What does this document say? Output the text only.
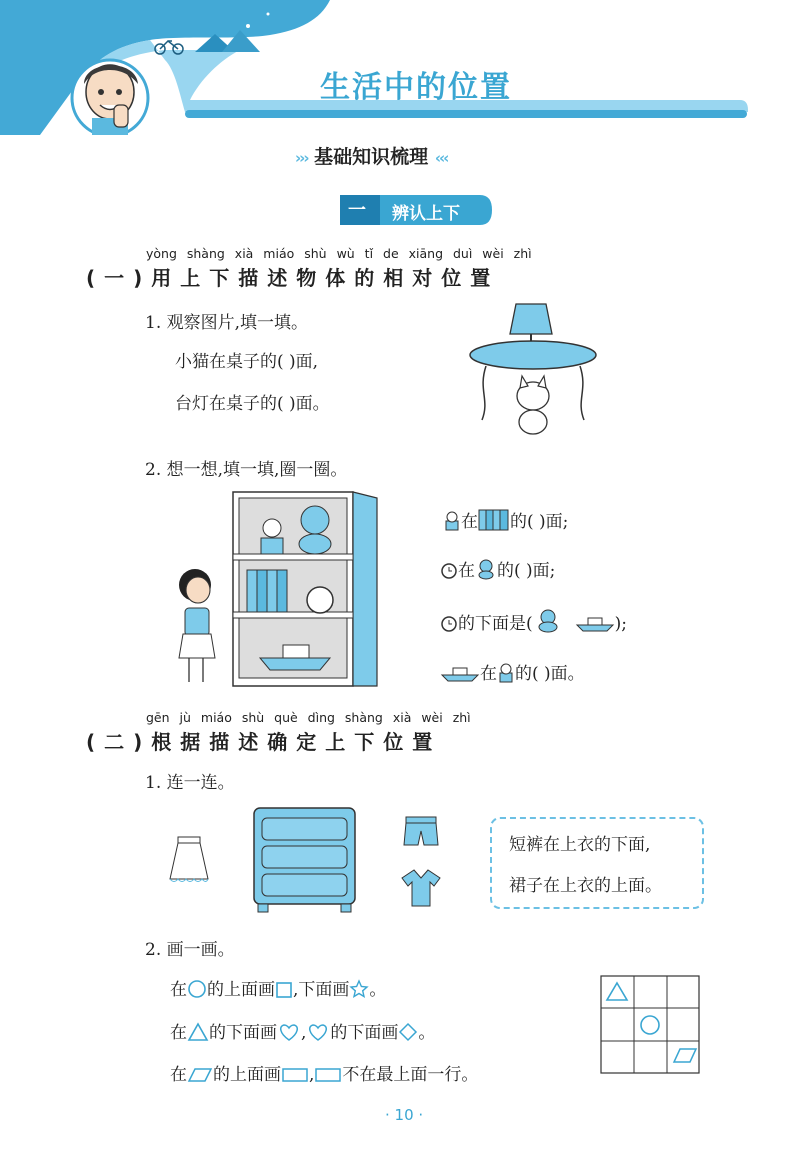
生活中的位置
››› 基础知识梳理 ‹‹‹
一 辨认上下
yòng shàng xià miáo shù wù tǐ de xiāng duì wèi zhì
(一)用上下描述物体的相对位置
1. 观察图片,填一填。
小猫在桌子的( )面,
台灯在桌子的( )面。
2. 想一想,填一填,圈一圈。
在 的( )面;
在 的( )面;
的下面是(	);
在 的( )面。
gēn jù miáo shù què dìng shàng xià wèi zhì
(二)根据描述确定上下位置
1. 连一连。
短裤在上衣的下面,
裙子在上衣的上面。
2. 画一画。
在 的上面画 ,下面画 。
在 的下面画 , 的下面画 。
在 的上面画 , 不在最上面一行。
· 10 ·
